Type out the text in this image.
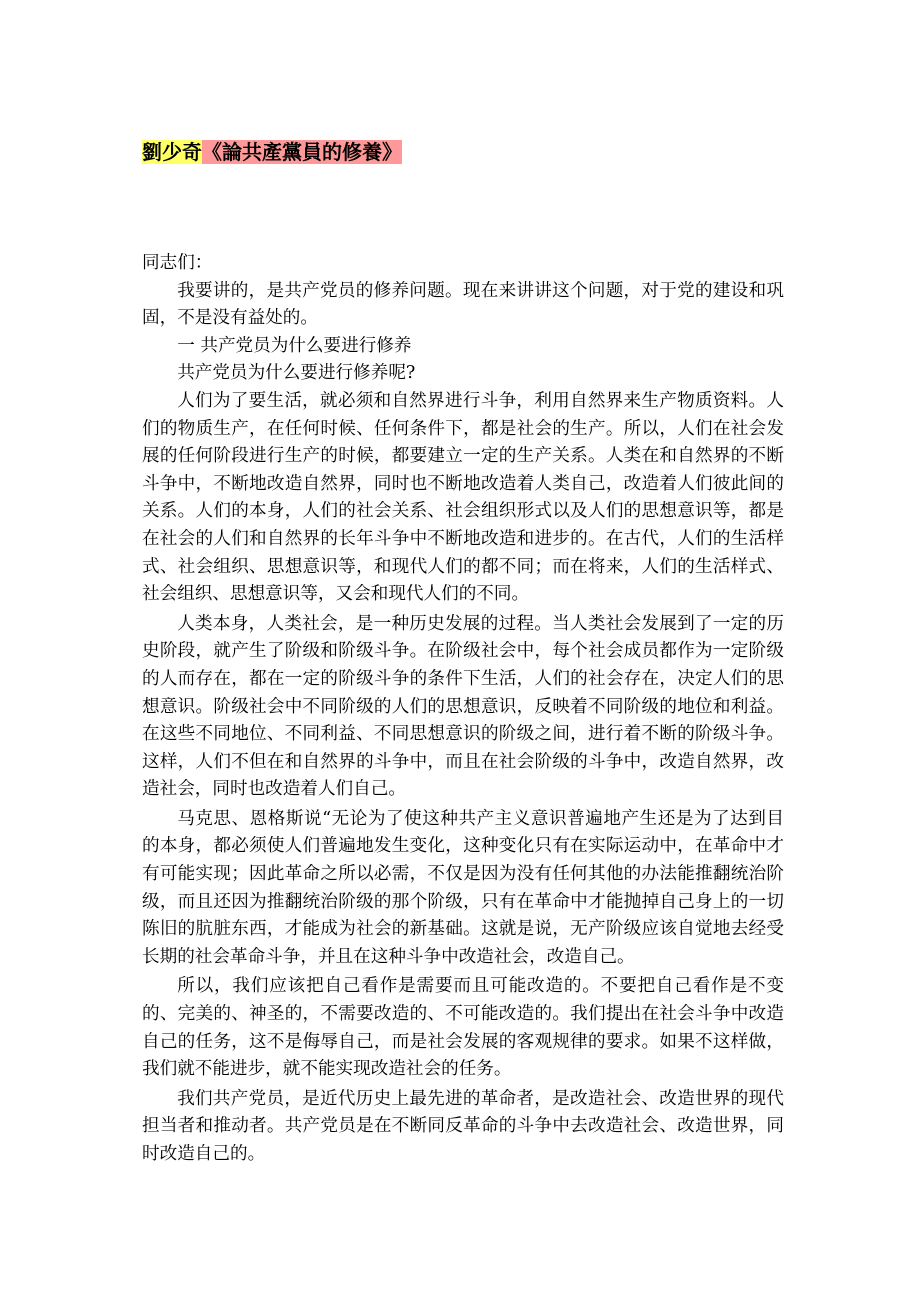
劉少奇《論共產黨員的修養》

同志们：

我要讲的，是共产党员的修养问题。现在来讲讲这个问题，对于党的建设和巩固，不是没有益处的。

一 共产党员为什么要进行修养

共产党员为什么要进行修养呢?

人们为了要生活，就必须和自然界进行斗争，利用自然界来生产物质资料。人们的物质生产，在任何时候、任何条件下，都是社会的生产。所以，人们在社会发展的任何阶段进行生产的时候，都要建立一定的生产关系。人类在和自然界的不断斗争中，不断地改造自然界，同时也不断地改造着人类自己，改造着人们彼此间的关系。人们的本身，人们的社会关系、社会组织形式以及人们的思想意识等，都是在社会的人们和自然界的长年斗争中不断地改造和进步的。在古代，人们的生活样式、社会组织、思想意识等，和现代人们的都不同；而在将来，人们的生活样式、社会组织、思想意识等，又会和现代人们的不同。

人类本身，人类社会，是一种历史发展的过程。当人类社会发展到了一定的历史阶段，就产生了阶级和阶级斗争。在阶级社会中，每个社会成员都作为一定阶级的人而存在，都在一定的阶级斗争的条件下生活，人们的社会存在，决定人们的思想意识。阶级社会中不同阶级的人们的思想意识，反映着不同阶级的地位和利益。在这些不同地位、不同利益、不同思想意识的阶级之间，进行着不断的阶级斗争。这样，人们不但在和自然界的斗争中，而且在社会阶级的斗争中，改造自然界，改造社会，同时也改造着人们自己。

马克思、恩格斯说“无论为了使这种共产主义意识普遍地产生还是为了达到目的本身，都必须使人们普遍地发生变化，这种变化只有在实际运动中，在革命中才有可能实现；因此革命之所以必需，不仅是因为没有任何其他的办法能推翻统治阶级，而且还因为推翻统治阶级的那个阶级，只有在革命中才能抛掉自己身上的一切陈旧的肮脏东西，才能成为社会的新基础。这就是说，无产阶级应该自觉地去经受长期的社会革命斗争，并且在这种斗争中改造社会，改造自己。

所以，我们应该把自己看作是需要而且可能改造的。不要把自己看作是不变的、完美的、神圣的，不需要改造的、不可能改造的。我们提出在社会斗争中改造自己的任务，这不是侮辱自己，而是社会发展的客观规律的要求。如果不这样做，我们就不能进步，就不能实现改造社会的任务。

我们共产党员，是近代历史上最先进的革命者，是改造社会、改造世界的现代担当者和推动者。共产党员是在不断同反革命的斗争中去改造社会、改造世界，同时改造自己的。
